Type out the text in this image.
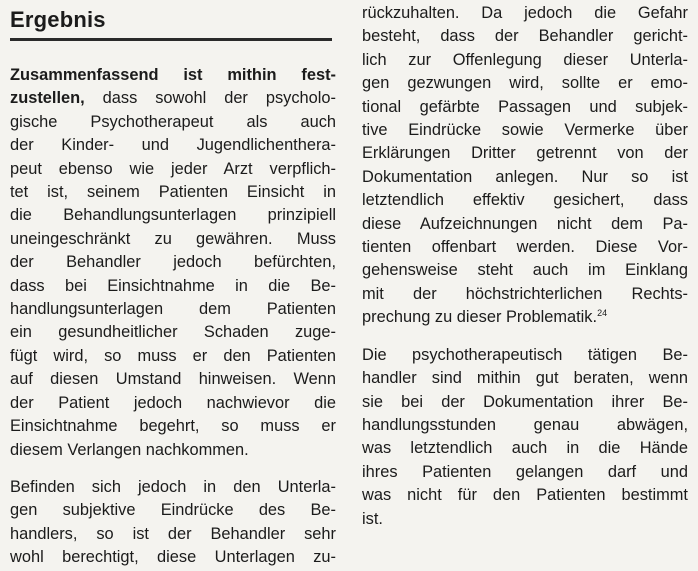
Ergebnis

Zusammenfassend ist mithin fest-
zustellen, dass sowohl der psycholo-
gische Psychotherapeut als auch
der Kinder- und Jugendlichenthera-
peut ebenso wie jeder Arzt verpflich-
tet ist, seinem Patienten Einsicht in
die Behandlungsunterlagen prinzipiell
uneingeschränkt zu gewähren. Muss
der Behandler jedoch befürchten,
dass bei Einsichtnahme in die Be-
handlungsunterlagen dem Patienten
ein gesundheitlicher Schaden zuge-
fügt wird, so muss er den Patienten
auf diesen Umstand hinweisen. Wenn
der Patient jedoch nachwievor die
Einsichtnahme begehrt, so muss er
diesem Verlangen nachkommen.

Befinden sich jedoch in den Unterla-
gen subjektive Eindrücke des Be-
handlers, so ist der Behandler sehr
wohl berechtigt, diese Unterlagen zu-

rückzuhalten. Da jedoch die Gefahr
besteht, dass der Behandler gericht-
lich zur Offenlegung dieser Unterla-
gen gezwungen wird, sollte er emo-
tional gefärbte Passagen und subjek-
tive Eindrücke sowie Vermerke über
Erklärungen Dritter getrennt von der
Dokumentation anlegen. Nur so ist
letztendlich effektiv gesichert, dass
diese Aufzeichnungen nicht dem Pa-
tienten offenbart werden. Diese Vor-
gehensweise steht auch im Einklang
mit der höchstrichterlichen Rechts-
prechung zu dieser Problematik.$^{24}$

Die psychotherapeutisch tätigen Be-
handler sind mithin gut beraten, wenn
sie bei der Dokumentation ihrer Be-
handlungsstunden genau abwägen,
was letztendlich auch in die Hände
ihres Patienten gelangen darf und
was nicht für den Patienten bestimmt
ist.
